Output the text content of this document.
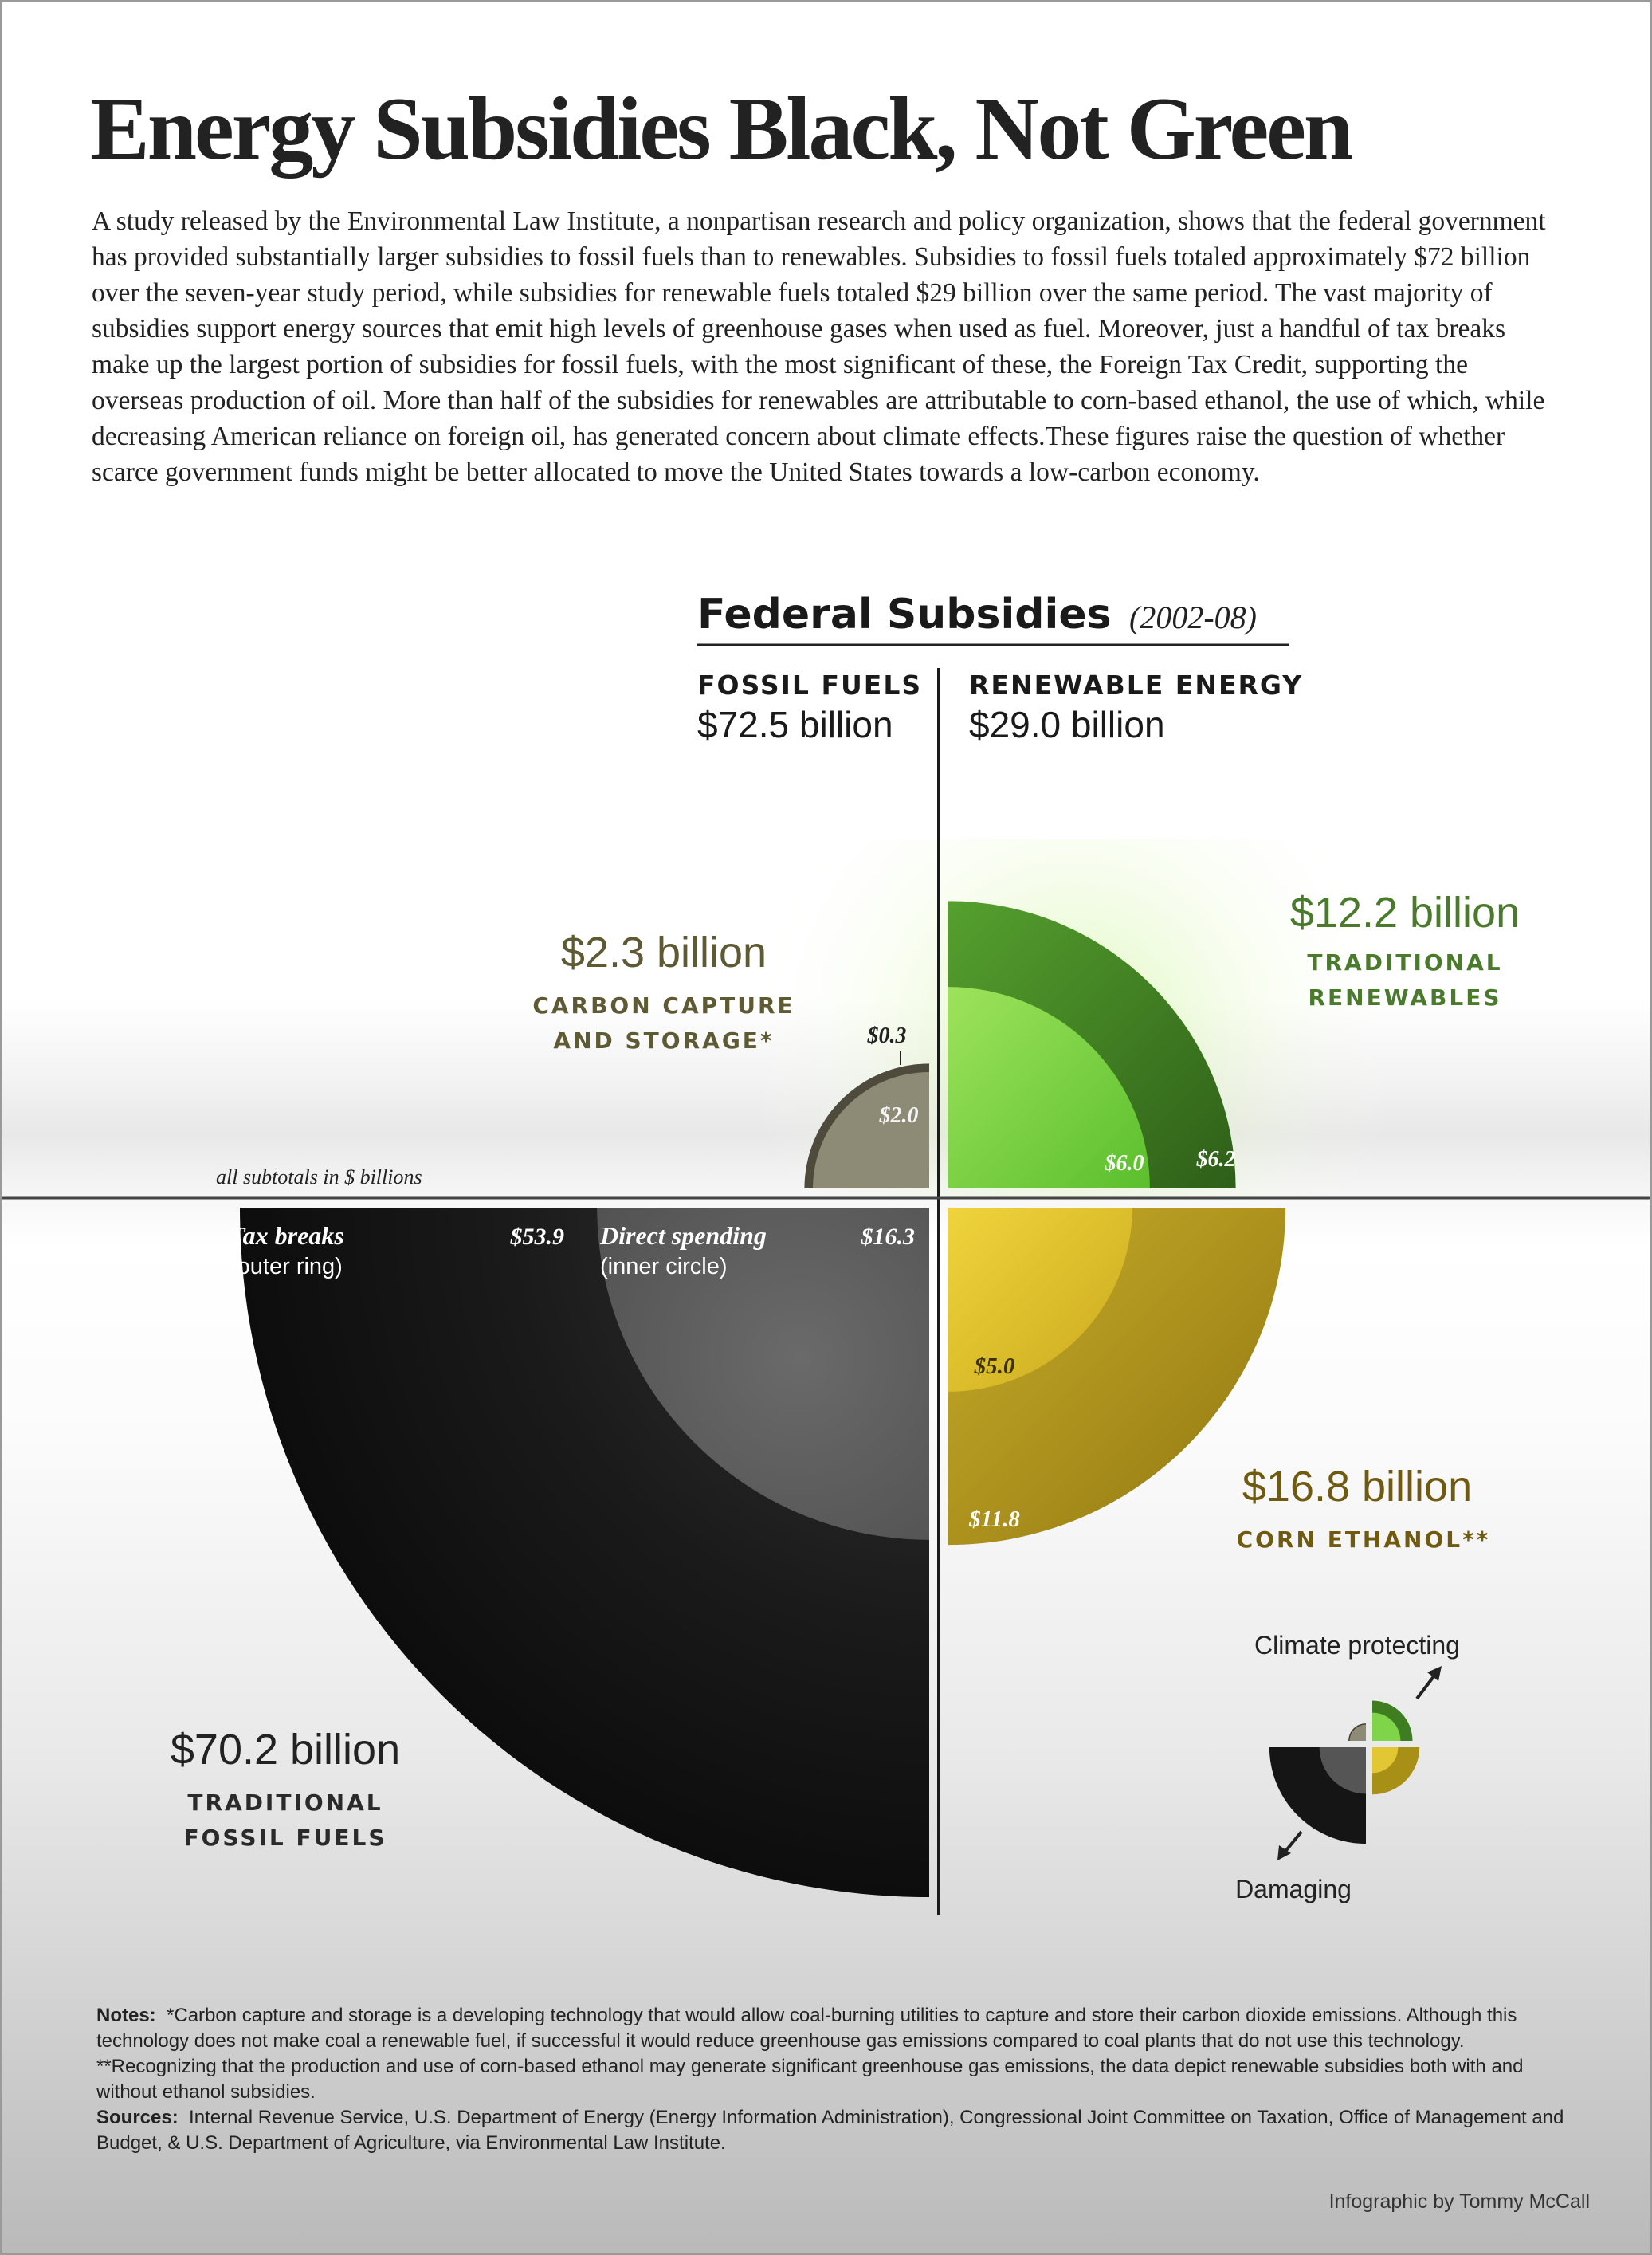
Energy Subsidies Black, Not Green

A study released by the Environmental Law Institute, a nonpartisan research and policy organization, shows that the federal government has provided substantially larger subsidies to fossil fuels than to renewables. Subsidies to fossil fuels totaled approximately $72 billion over the seven-year study period, while subsidies for renewable fuels totaled $29 billion over the same period. The vast majority of subsidies support energy sources that emit high levels of greenhouse gases when used as fuel. Moreover, just a handful of tax breaks make up the largest portion of subsidies for fossil fuels, with the most significant of these, the Foreign Tax Credit, supporting the overseas production of oil. More than half of the subsidies for renewables are attributable to corn-based ethanol, the use of which, while decreasing American reliance on foreign oil, has generated concern about climate effects.These figures raise the question of whether scarce government funds might be better allocated to move the United States towards a low-carbon economy.

Federal Subsidies (2002-08)
FOSSIL FUELS
$72.5 billion
RENEWABLE ENERGY
$29.0 billion
$2.3 billion
CARBON CAPTURE
AND STORAGE*	$0.3
$2.0
all subtotals in $ billions
$12.2 billion
TRADITIONAL
RENEWABLES
$6.0 $6.2
Tax breaks
(outer ring)
$53.9 Direct spending
(inner circle)
$16.3
$5.0
$11.8
$16.8 billion
CORN ETHANOL**
$70.2 billion
TRADITIONAL
FOSSIL FUELS
Climate protecting
Damaging

Notes: *Carbon capture and storage is a developing technology that would allow coal-burning utilities to capture and store their carbon dioxide emissions. Although this technology does not make coal a renewable fuel, if successful it would reduce greenhouse gas emissions compared to coal plants that do not use this technology. **Recognizing that the production and use of corn-based ethanol may generate significant greenhouse gas emissions, the data depict renewable subsidies both with and without ethanol subsidies.
Sources: Internal Revenue Service, U.S. Department of Energy (Energy Information Administration), Congressional Joint Committee on Taxation, Office of Management and Budget, & U.S. Department of Agriculture, via Environmental Law Institute.

Infographic by Tommy McCall
